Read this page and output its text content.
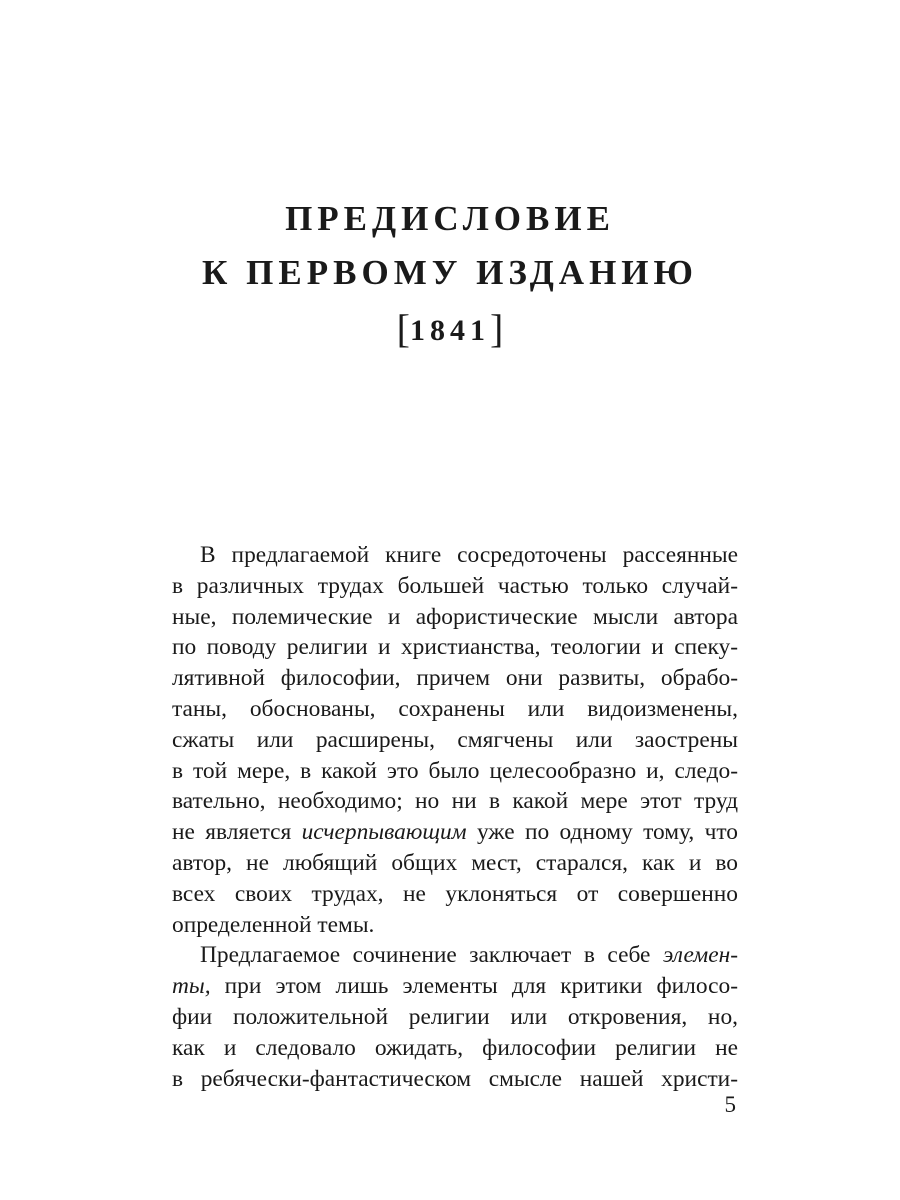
ПРЕДИСЛОВИЕ
К ПЕРВОМУ ИЗДАНИЮ
[1841]
В предлагаемой книге сосредоточены рассеянные
в различных трудах большей частью только случай-
ные, полемические и афористические мысли автора
по поводу религии и христианства, теологии и спеку-
лятивной философии, причем они развиты, обрабо-
таны, обоснованы, сохранены или видоизменены,
сжаты или расширены, смягчены или заострены
в той мере, в какой это было целесообразно и, следо-
вательно, необходимо; но ни в какой мере этот труд
не является исчерпывающим уже по одному тому, что
автор, не любящий общих мест, старался, как и во
всех своих трудах, не уклоняться от совершенно
определенной темы.
Предлагаемое сочинение заключает в себе элемен-
ты, при этом лишь элементы для критики филосо-
фии положительной религии или откровения, но,
как и следовало ожидать, философии религии не
в ребячески-фантастическом смысле нашей христи-
5
